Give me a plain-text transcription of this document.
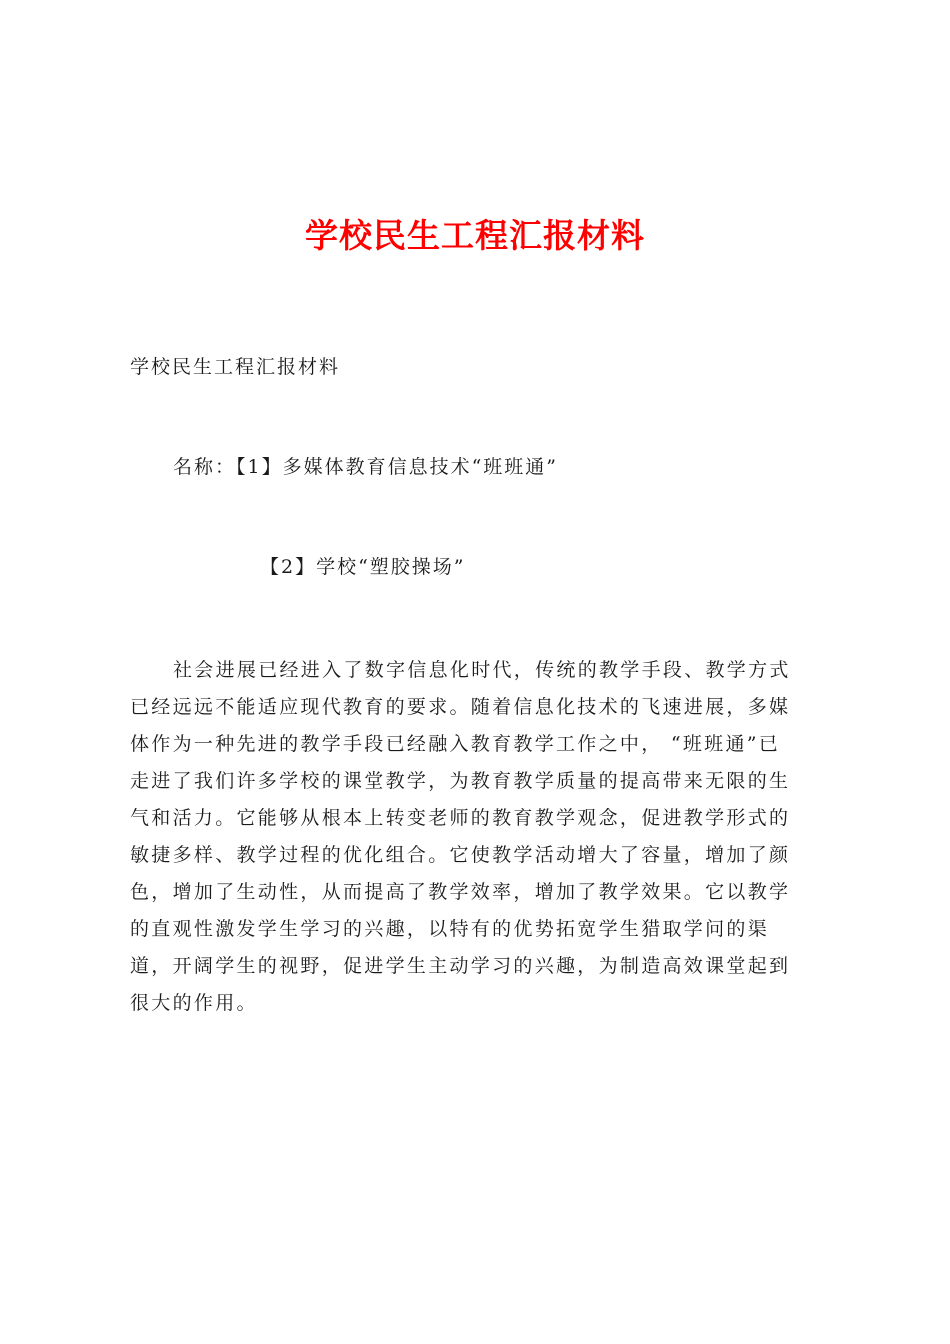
学校民生工程汇报材料

学校民生工程汇报材料

名称：【1】多媒体教育信息技术“班班通”

【2】学校“塑胶操场”

社会进展已经进入了数字信息化时代，传统的教学手段、教学方式
已经远远不能适应现代教育的要求。随着信息化技术的飞速进展，多媒
体作为一种先进的教学手段已经融入教育教学工作之中， “班班通”已
走进了我们许多学校的课堂教学，为教育教学质量的提高带来无限的生
气和活力。它能够从根本上转变老师的教育教学观念，促进教学形式的
敏捷多样、教学过程的优化组合。它使教学活动增大了容量，增加了颜
色，增加了生动性，从而提高了教学效率，增加了教学效果。它以教学
的直观性激发学生学习的兴趣，以特有的优势拓宽学生猎取学问的渠
道，开阔学生的视野，促进学生主动学习的兴趣，为制造高效课堂起到
很大的作用。
